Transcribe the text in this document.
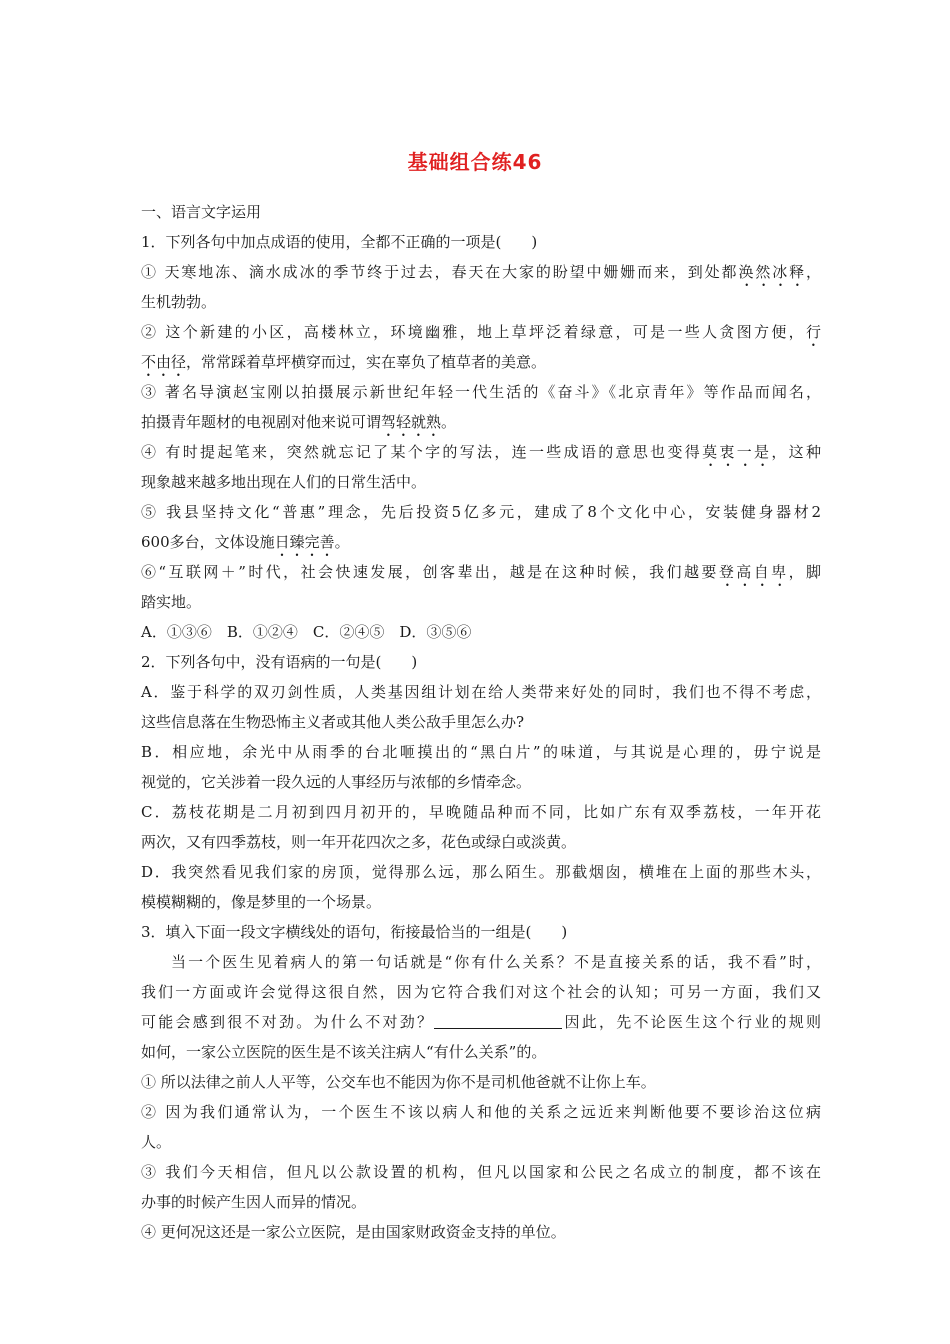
基础组合练46
一、语言文字运用
1．下列各句中加点成语的使用，全都不正确的一项是(　　 )
① 天寒地冻、滴水成冰的季节终于过去，春天在大家的盼望中姗姗而来，到处都涣然冰释，
生机勃勃。
② 这个新建的小区，高楼林立，环境幽雅，地上草坪泛着绿意，可是一些人贪图方便，行
不由径，常常踩着草坪横穿而过，实在辜负了植草者的美意。
③ 著名导演赵宝刚以拍摄展示新世纪年轻一代生活的《奋斗》《北京青年》等作品而闻名，
拍摄青年题材的电视剧对他来说可谓驾轻就熟。
④ 有时提起笔来，突然就忘记了某个字的写法，连一些成语的意思也变得莫衷一是，这种
现象越来越多地出现在人们的日常生活中。
⑤ 我县坚持文化“普惠”理念，先后投资5亿多元，建成了8个文化中心，安装健身器材2
600多台，文体设施日臻完善。
⑥“互联网＋”时代，社会快速发展，创客辈出，越是在这种时候，我们越要登高自卑，脚
踏实地。
A．①③⑥　B．①②④　C．②④⑤　D．③⑤⑥
2．下列各句中，没有语病的一句是(　　 )
A．鉴于科学的双刃剑性质，人类基因组计划在给人类带来好处的同时，我们也不得不考虑，
这些信息落在生物恐怖主义者或其他人类公敌手里怎么办?
B．相应地，余光中从雨季的台北咂摸出的“黑白片”的味道，与其说是心理的，毋宁说是
视觉的，它关涉着一段久远的人事经历与浓郁的乡情牵念。
C．荔枝花期是二月初到四月初开的，早晚随品种而不同，比如广东有双季荔枝，一年开花
两次，又有四季荔枝，则一年开花四次之多，花色或绿白或淡黄。
D．我突然看见我们家的房顶，觉得那么远，那么陌生。那截烟囱，横堆在上面的那些木头，
模模糊糊的，像是梦里的一个场景。
3．填入下面一段文字横线处的语句，衔接最恰当的一组是(　　 )
当一个医生见着病人的第一句话就是“你有什么关系？不是直接关系的话，我不看”时，
我们一方面或许会觉得这很自然，因为它符合我们对这个社会的认知；可另一方面，我们又
可能会感到很不对劲。为什么不对劲？	因此，先不论医生这个行业的规则
如何，一家公立医院的医生是不该关注病人“有什么关系”的。
① 所以法律之前人人平等，公交车也不能因为你不是司机他爸就不让你上车。
② 因为我们通常认为，一个医生不该以病人和他的关系之远近来判断他要不要诊治这位病
人。
③ 我们今天相信，但凡以公款设置的机构，但凡以国家和公民之名成立的制度，都不该在
办事的时候产生因人而异的情况。
④ 更何况这还是一家公立医院，是由国家财政资金支持的单位。
